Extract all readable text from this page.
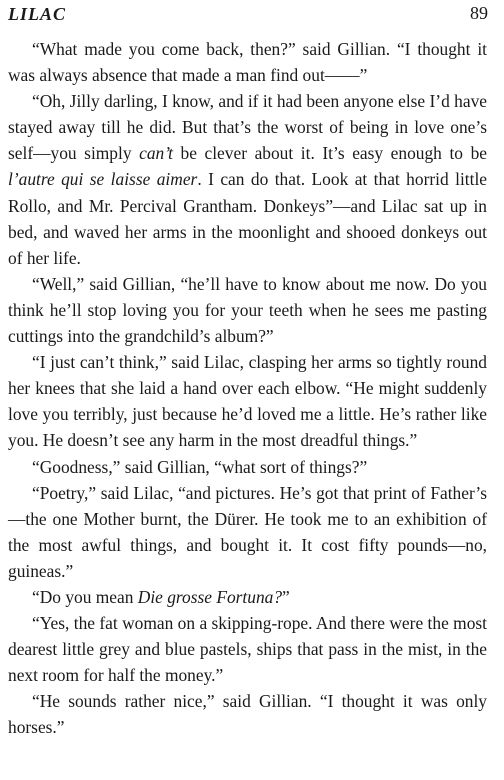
LILAC	89

“What made you come back, then?” said Gillian. “I thought it was always absence that made a man find out——”

“Oh, Jilly darling, I know, and if it had been anyone else I’d have stayed away till he did. But that’s the worst of being in love one’s self—you simply can’t be clever about it. It’s easy enough to be l’autre qui se laisse aimer. I can do that. Look at that horrid little Rollo, and Mr. Percival Grantham. Donkeys”—and Lilac sat up in bed, and waved her arms in the moonlight and shooed donkeys out of her life.

“Well,” said Gillian, “he’ll have to know about me now. Do you think he’ll stop loving you for your teeth when he sees me pasting cuttings into the grandchild’s album?”

“I just can’t think,” said Lilac, clasping her arms so tightly round her knees that she laid a hand over each elbow. “He might suddenly love you terribly, just because he’d loved me a little. He’s rather like you. He doesn’t see any harm in the most dreadful things.”

“Goodness,” said Gillian, “what sort of things?”

“Poetry,” said Lilac, “and pictures. He’s got that print of Father’s—the one Mother burnt, the Dürer. He took me to an exhibition of the most awful things, and bought it. It cost fifty pounds—no, guineas.”

“Do you mean Die grosse Fortuna?”

“Yes, the fat woman on a skipping-rope. And there were the most dearest little grey and blue pastels, ships that pass in the mist, in the next room for half the money.”

“He sounds rather nice,” said Gillian. “I thought it was only horses.”
